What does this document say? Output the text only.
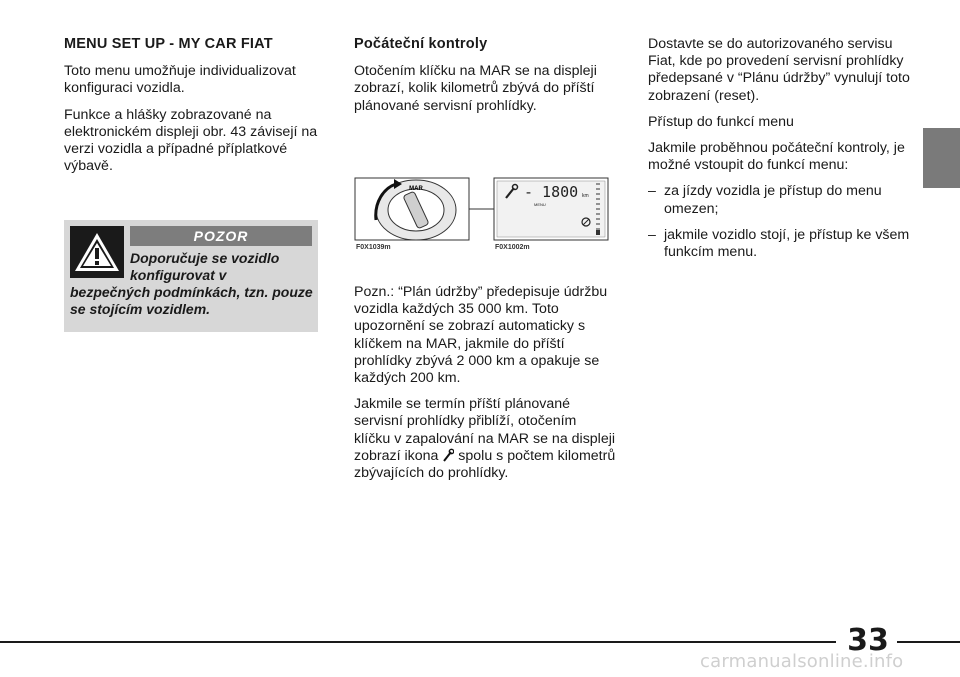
MENU SET UP - MY CAR FIAT

Toto menu umožňuje individualizovat konfiguraci vozidla.

Funkce a hlášky zobrazované na elektronickém displeji obr. 43 závisejí na verzi vozidla a případné příplatkové výbavě.

POZOR
Doporučuje se vozidlo
konfigurovat v
bezpečných podmínkách, tzn. pouze se stojícím vozidlem.
Počáteční kontroly

Otočením klíčku na MAR se na displeji zobrazí, kolik kilometrů zbývá do příští plánované servisní prohlídky.

MAR	- 1800 km
MENU
F0X1039m	F0X1002m

Pozn.: “Plán údržby” předepisuje údržbu vozidla každých 35 000 km. Toto upozornění se zobrazí automaticky s klíčkem na MAR, jakmile do příští prohlídky zbývá 2 000 km a opakuje se každých 200 km.

Jakmile se termín příští plánované servisní prohlídky přiblíží, otočením klíčku v zapalování na MAR se na displeji zobrazí ikona spolu s počtem kilometrů zbývajících do prohlídky.

Dostavte se do autorizovaného servisu Fiat, kde po provedení servisní prohlídky předepsané v “Plánu údržby” vynulují toto zobrazení (reset).

Přístup do funkcí menu

Jakmile proběhnou počáteční kontroly, je možné vstoupit do funkcí menu:

– za jízdy vozidla je přístup do menu omezen;
– jakmile vozidlo stojí, je přístup ke všem funkcím menu.
33
carmanualsonline.info
